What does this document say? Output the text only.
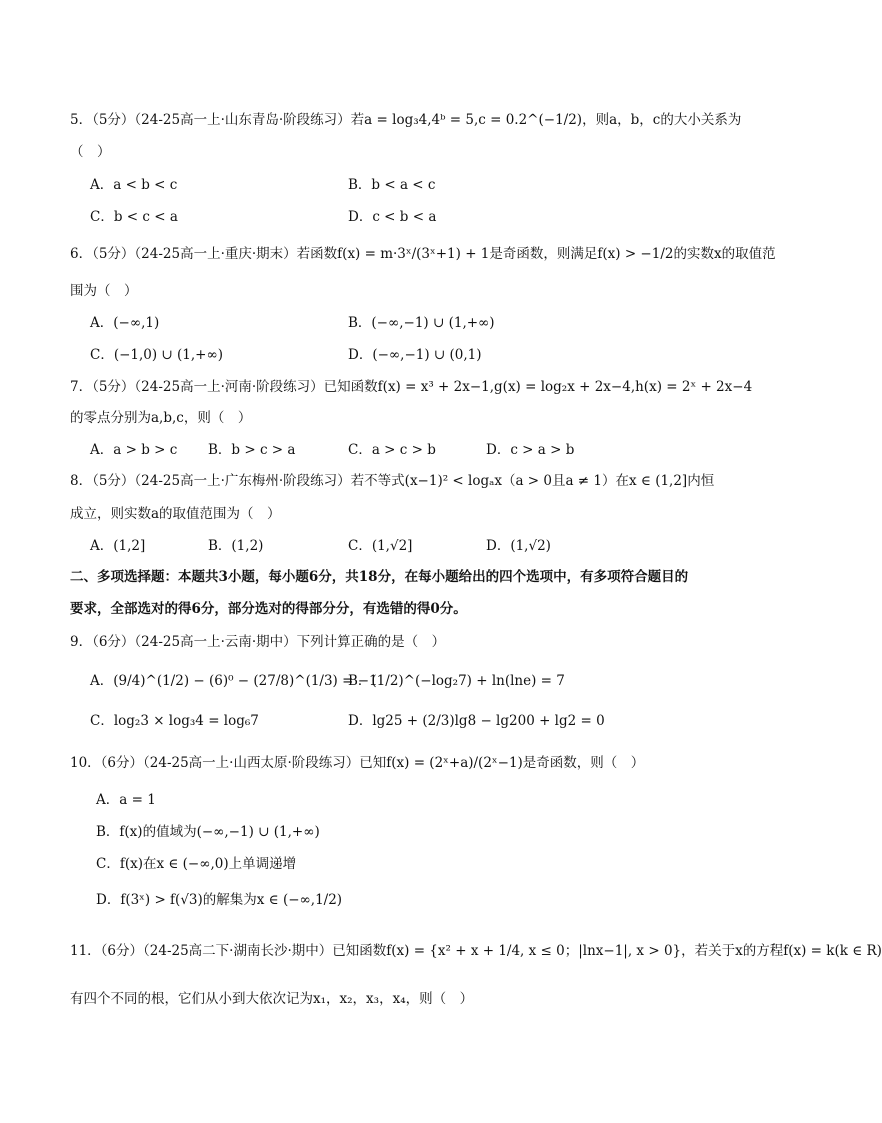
5．（5分）（24-25高一上·山东青岛·阶段练习）若a = log₃4,4ᵇ = 5,c = 0.2^(−1/2)，则a，b，c的大小关系为
（　）
A．a < b < c	B．b < a < c
C．b < c < a	D．c < b < a
6．（5分）（24-25高一上·重庆·期末）若函数f(x) = m·3ˣ/(3ˣ+1) + 1是奇函数，则满足f(x) > −1/2的实数x的取值范
围为（　）
A．(−∞,1)	B．(−∞,−1) ∪ (1,+∞)
C．(−1,0) ∪ (1,+∞)	D．(−∞,−1) ∪ (0,1)
7．（5分）（24-25高一上·河南·阶段练习）已知函数f(x) = x³ + 2x−1,g(x) = log₂x + 2x−4,h(x) = 2ˣ + 2x−4
的零点分别为a,b,c，则（　）
A．a > b > c B．b > c > a	C．a > c > b	D．c > a > b
8．（5分）（24-25高一上·广东梅州·阶段练习）若不等式(x−1)² < logₐx（a > 0且a ≠ 1）在x ∈ (1,2]内恒
成立，则实数a的取值范围为（　）
A．(1,2]	B．(1,2)	C．(1,√2]	D．(1,√2)
二、多项选择题：本题共3小题，每小题6分，共18分，在每小题给出的四个选项中，有多项符合题目的
要求，全部选对的得6分，部分选对的得部分分，有选错的得0分。
9．（6分）（24-25高一上·云南·期中）下列计算正确的是（　）
A．(9/4)^(1/2) − (6)⁰ − (27/8)^(1/3) = −1
B．(1/2)^(−log₂7) + ln(lne) = 7
C．log₂3 × log₃4 = log₆7	D．lg25 + (2/3)lg8 − lg200 + lg2 = 0
10．（6分）（24-25高一上·山西太原·阶段练习）已知f(x) = (2ˣ+a)/(2ˣ−1)是奇函数，则（　）
A．a = 1
B．f(x)的值域为(−∞,−1) ∪ (1,+∞)
C．f(x)在x ∈ (−∞,0)上单调递增
D．f(3ˣ) > f(√3)的解集为x ∈ (−∞,1/2)
11．（6分）（24-25高二下·湖南长沙·期中）已知函数f(x) = {x² + x + 1/4, x ≤ 0；|lnx−1|, x > 0}，若关于x的方程f(x) = k(k ∈ R)
有四个不同的根，它们从小到大依次记为x₁，x₂，x₃，x₄，则（　）
